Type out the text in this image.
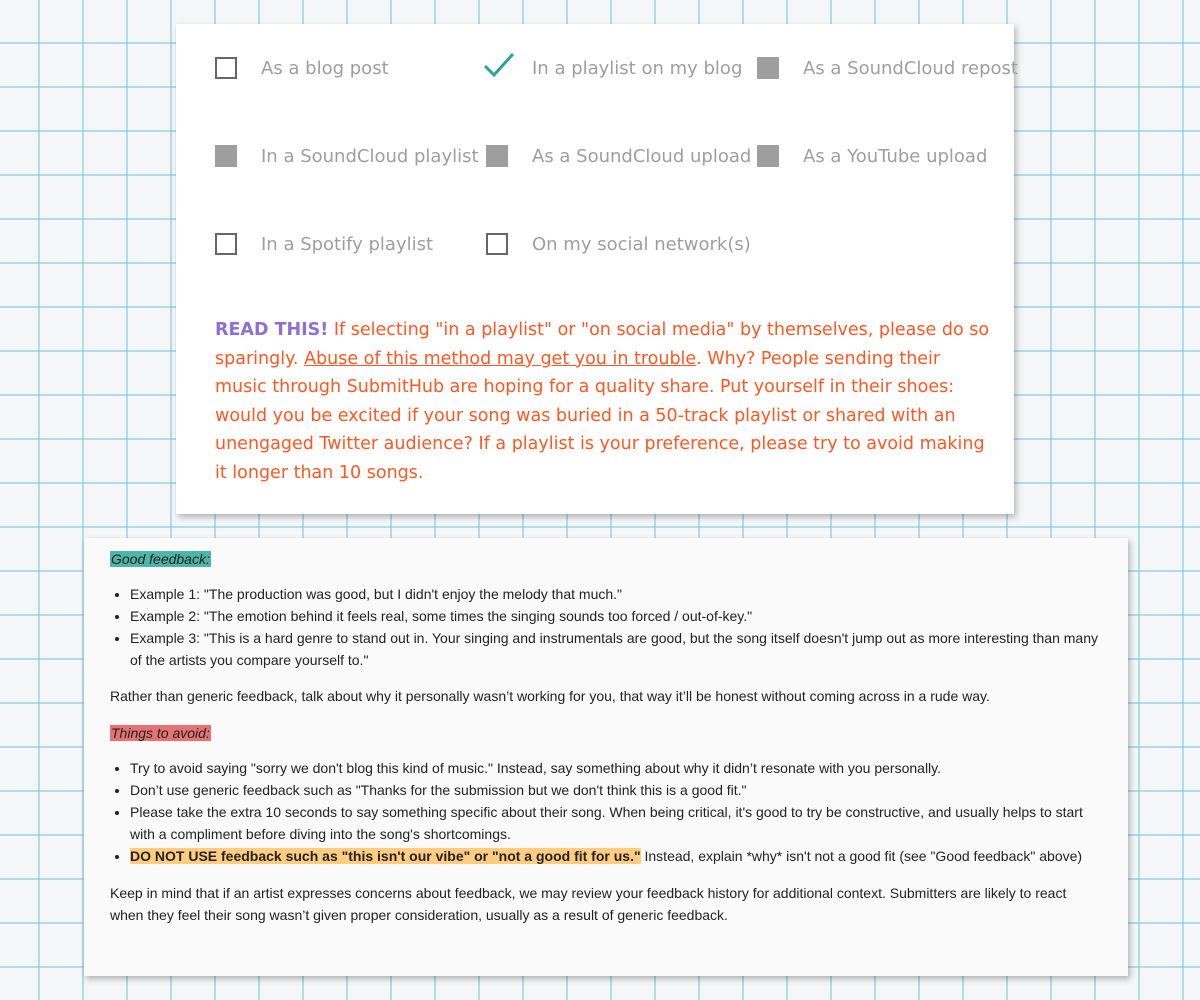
As a blog post	In a playlist on my blog	As a SoundCloud repost
In a SoundCloud playlist	As a SoundCloud upload	As a YouTube upload
In a Spotify playlist	On my social network(s)
READ THIS! If selecting "in a playlist" or "on social media" by themselves, please do so sparingly. Abuse of this method may get you in trouble. Why? People sending their music through SubmitHub are hoping for a quality share. Put yourself in their shoes: would you be excited if your song was buried in a 50-track playlist or shared with an unengaged Twitter audience? If a playlist is your preference, please try to avoid making it longer than 10 songs.

Good feedback:

• Example 1: "The production was good, but I didn't enjoy the melody that much."
• Example 2: "The emotion behind it feels real, some times the singing sounds too forced / out-of-key."
• Example 3: "This is a hard genre to stand out in. Your singing and instrumentals are good, but the song itself doesn't jump out as more interesting than many of the artists you compare yourself to."

Rather than generic feedback, talk about why it personally wasn’t working for you, that way it’ll be honest without coming across in a rude way.

Things to avoid:

• Try to avoid saying "sorry we don't blog this kind of music." Instead, say something about why it didn’t resonate with you personally.
• Don’t use generic feedback such as "Thanks for the submission but we don't think this is a good fit."
• Please take the extra 10 seconds to say something specific about their song. When being critical, it's good to try be constructive, and usually helps to start with a compliment before diving into the song's shortcomings.
• DO NOT USE feedback such as "this isn't our vibe" or "not a good fit for us." Instead, explain *why* isn't not a good fit (see "Good feedback" above)

Keep in mind that if an artist expresses concerns about feedback, we may review your feedback history for additional context. Submitters are likely to react when they feel their song wasn’t given proper consideration, usually as a result of generic feedback.
